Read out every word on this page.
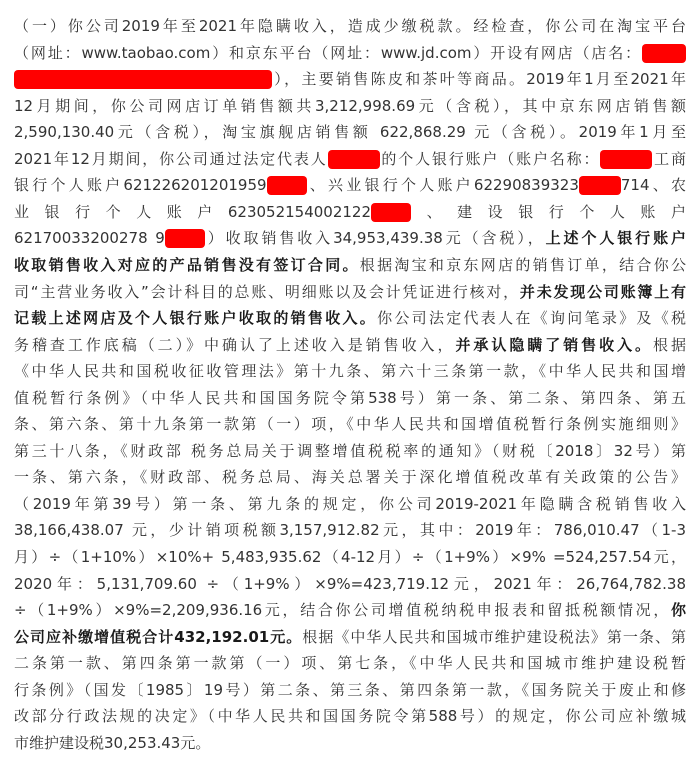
（一）你公司2019年至2021年隐瞒收入，造成少缴税款。经检查，你公司在淘宝平台
（网址：www.taobao.com）和京东平台（网址：www.jd.com）开设有网店（店名：
），主要销售陈皮和茶叶等商品。2019年1月至2021年
12月期间，你公司网店订单销售额共3,212,998.69元（含税），其中京东网店销售额
2,590,130.40元（含税），淘宝旗舰店销售额 622,868.29 元（含税）。2019年1月至
2021年12月期间，你公司通过法定代表人	的个人银行账户（账户名称：	工商
银行个人账户621226201201959	、兴业银行个人账户62290839323	714、农
业银行个人账户623052154002122	、建设银行个人账户
62170033200278 9	）收取销售收入34,953,439.38元（含税），上述个人银行账户
收取销售收入对应的产品销售没有签订合同。根据淘宝和京东网店的销售订单，结合你公
司“主营业务收入”会计科目的总账、明细账以及会计凭证进行核对，并未发现公司账簿上有
记载上述网店及个人银行账户收取的销售收入。你公司法定代表人在《询问笔录》及《税
务稽查工作底稿（二）》中确认了上述收入是销售收入，并承认隐瞒了销售收入。根据
《中华人民共和国税收征收管理法》第十九条、第六十三条第一款，《中华人民共和国增
值税暂行条例》（中华人民共和国国务院令第538号）第一条、第二条、第四条、第五
条、第六条、第十九条第一款第（一）项，《中华人民共和国增值税暂行条例实施细则》
第三十八条，《财政部 税务总局关于调整增值税税率的通知》（财税〔2018〕32号）第
一条、第六条，《财政部、税务总局、海关总署关于深化增值税改革有关政策的公告》
（2019年第39号）第一条、第九条的规定，你公司2019-2021年隐瞒含税销售收入
38,166,438.07 元，少计销项税额3,157,912.82元，其中：2019年：786,010.47（1-3
月）÷（1+10%）×10%+ 5,483,935.62（4-12月）÷（1+9%）×9% =524,257.54元，
2020年：5,131,709.60 ÷（1+9%）×9%=423,719.12元，2021年：26,764,782.38
÷（1+9%）×9%=2,209,936.16元，结合你公司增值税纳税申报表和留抵税额情况，你
公司应补缴增值税合计432,192.01元。根据《中华人民共和国城市维护建设税法》第一条、第
二条第一款、第四条第一款第（一）项、第七条，《中华人民共和国城市维护建设税暂
行条例》（国发〔1985〕19号）第二条、第三条、第四条第一款，《国务院关于废止和修
改部分行政法规的决定》（中华人民共和国国务院令第588号）的规定，你公司应补缴城
市维护建设税30,253.43元。
